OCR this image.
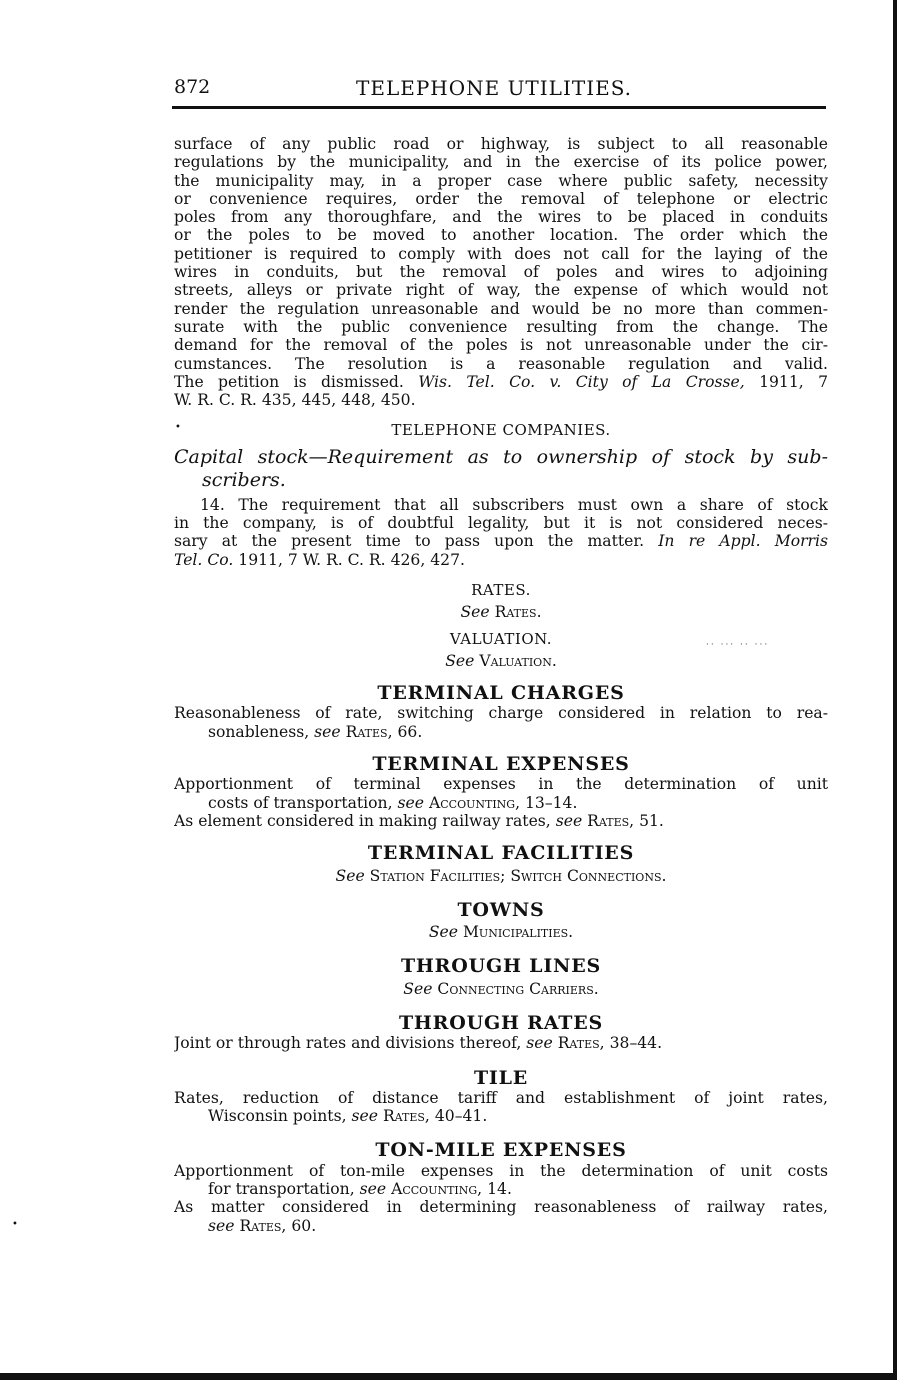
872	TELEPHONE UTILITIES.
surface of any public road or highway, is subject to all reasonable
regulations by the municipality, and in the exercise of its police power,
the municipality may, in a proper case where public safety, necessity
or convenience requires, order the removal of telephone or electric
poles from any thoroughfare, and the wires to be placed in conduits
or the poles to be moved to another location. The order which the
petitioner is required to comply with does not call for the laying of the
wires in conduits, but the removal of poles and wires to adjoining
streets, alleys or private right of way, the expense of which would not
render the regulation unreasonable and would be no more than commen-
surate with the public convenience resulting from the change. The
demand for the removal of the poles is not unreasonable under the cir-
cumstances. The resolution is a reasonable regulation and valid.
The petition is dismissed. Wis. Tel. Co. v. City of La Crosse, 1911, 7
W. R. C. R. 435, 445, 448, 450.
TELEPHONE COMPANIES.
Capital stock—Requirement as to ownership of stock by sub-
scribers.
14. The requirement that all subscribers must own a share of stock
in the company, is of doubtful legality, but it is not considered neces-
sary at the present time to pass upon the matter. In re Appl. Morris
Tel. Co. 1911, 7 W. R. C. R. 426, 427.
RATES.
See Rates.
VALUATION.
See Valuation.
TERMINAL CHARGES
Reasonableness of rate, switching charge considered in relation to rea-
sonableness, see Rates, 66.
TERMINAL EXPENSES
Apportionment of terminal expenses in the determination of unit
costs of transportation, see Accounting, 13–14.
As element considered in making railway rates, see Rates, 51.
TERMINAL FACILITIES
See Station Facilities; Switch Connections.
TOWNS
See Municipalities.
THROUGH LINES
See Connecting Carriers.
THROUGH RATES
Joint or through rates and divisions thereof, see Rates, 38–44.
TILE
Rates, reduction of distance tariff and establishment of joint rates,
Wisconsin points, see Rates, 40–41.
TON-MILE EXPENSES
Apportionment of ton-mile expenses in the determination of unit costs
for transportation, see Accounting, 14.
As matter considered in determining reasonableness of railway rates,
see Rates, 60.
•
•
·· ··· ·· ···
